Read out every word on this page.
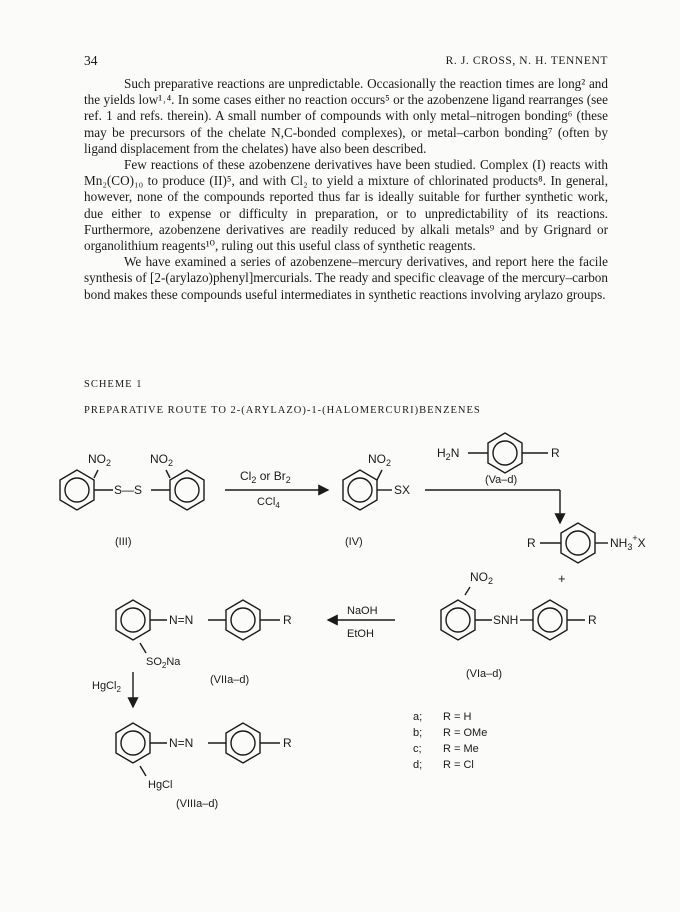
34	R. J. CROSS, N. H. TENNENT

Such preparative reactions are unpredictable. Occasionally the reaction times are long² and the yields low¹˒⁴. In some cases either no reaction occurs⁵ or the azobenzene ligand rearranges (see ref. 1 and refs. therein). A small number of compounds with only metal–nitrogen bonding⁶ (these may be precursors of the chelate N,C-bonded complexes), or metal–carbon bonding⁷ (often by ligand displacement from the chelates) have also been described.

Few reactions of these azobenzene derivatives have been studied. Complex (I) reacts with Mn₂(CO)₁₀ to produce (II)⁵, and with Cl₂ to yield a mixture of chlorinated products⁸. In general, however, none of the compounds reported thus far is ideally suitable for further synthetic work, due either to expense or difficulty in preparation, or to unpredictability of its reactions. Furthermore, azobenzene derivatives are readily reduced by alkali metals⁹ and by Grignard or organolithium reagents¹⁰, ruling out this useful class of synthetic reagents.

We have examined a series of azobenzene–mercury derivatives, and report here the facile synthesis of [2-(arylazo)phenyl]mercurials. The ready and specific cleavage of the mercury–carbon bond makes these compounds useful intermediates in synthetic reactions involving arylazo groups.

SCHEME 1
PREPARATIVE ROUTE TO 2-(ARYLAZO)-1-(HALOMERCURI)BENZENES
$NO_2$	$NO_2$
S—S
(III)
$Cl_2$ or $Br_2$
CCl$_4$
$NO_2$
SX
(IV)
$H_2N$	R
(Va–d)
R	$NH_3^+X$
+
$NO_2$
SNH	R
(VIa–d)
NaOH
EtOH
N=N	R
$SO_2Na$
(VIIa–d)
HgCl$_2$
N=N	R
HgCl
(VIIIa–d)
a; R = H
b; R = OMe
c; R = Me
d; R = Cl
